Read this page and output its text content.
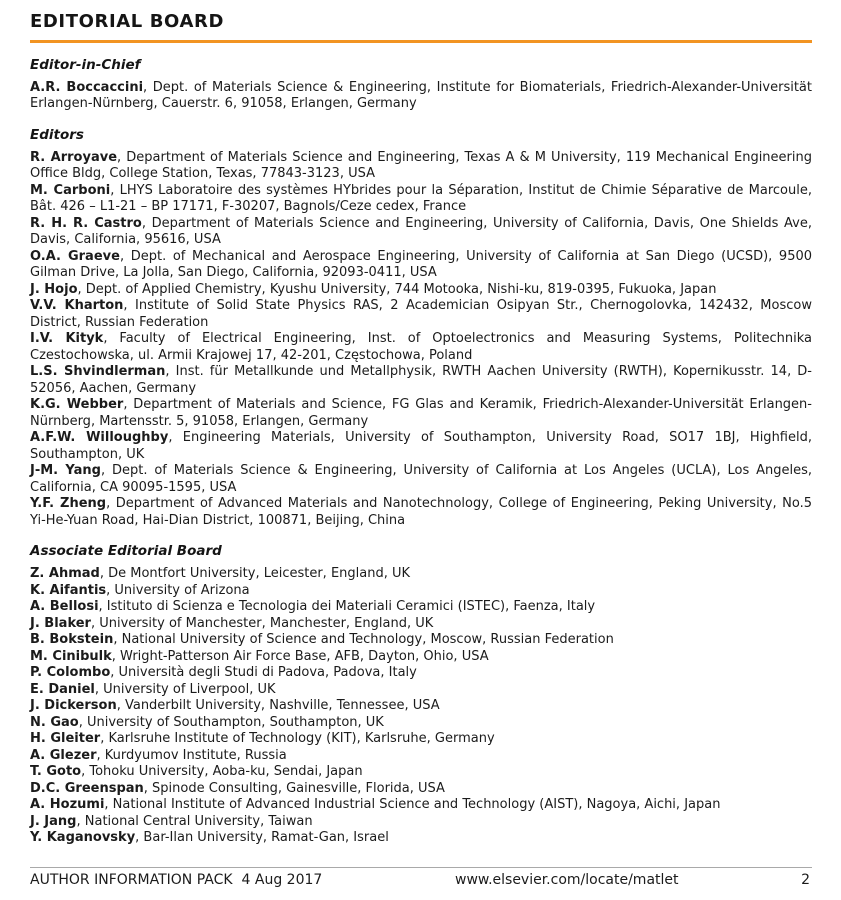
EDITORIAL BOARD
Editor-in-Chief

A.R. Boccaccini, Dept. of Materials Science & Engineering, Institute for Biomaterials, Friedrich-Alexander-Universität Erlangen-Nürnberg, Cauerstr. 6, 91058, Erlangen, Germany

Editors

R. Arroyave, Department of Materials Science and Engineering, Texas A & M University, 119 Mechanical Engineering Office Bldg, College Station, Texas, 77843-3123, USA

M. Carboni, LHYS Laboratoire des systèmes HYbrides pour la Séparation, Institut de Chimie Séparative de Marcoule, Bât. 426 – L1-21 – BP 17171, F-30207, Bagnols/Ceze cedex, France

R. H. R. Castro, Department of Materials Science and Engineering, University of California, Davis, One Shields Ave, Davis, California, 95616, USA

O.A. Graeve, Dept. of Mechanical and Aerospace Engineering, University of California at San Diego (UCSD), 9500 Gilman Drive, La Jolla, San Diego, California, 92093-0411, USA

J. Hojo, Dept. of Applied Chemistry, Kyushu University, 744 Motooka, Nishi-ku, 819-0395, Fukuoka, Japan

V.V. Kharton, Institute of Solid State Physics RAS, 2 Academician Osipyan Str., Chernogolovka, 142432, Moscow District, Russian Federation

I.V. Kityk, Faculty of Electrical Engineering, Inst. of Optoelectronics and Measuring Systems, Politechnika Czestochowska, ul. Armii Krajowej 17, 42-201, Częstochowa, Poland

L.S. Shvindlerman, Inst. für Metallkunde und Metallphysik, RWTH Aachen University (RWTH), Kopernikusstr. 14, D-52056, Aachen, Germany

K.G. Webber, Department of Materials and Science, FG Glas and Keramik, Friedrich-Alexander-Universität Erlangen-Nürnberg, Martensstr. 5, 91058, Erlangen, Germany

A.F.W. Willoughby, Engineering Materials, University of Southampton, University Road, SO17 1BJ, Highfield, Southampton, UK

J-M. Yang, Dept. of Materials Science & Engineering, University of California at Los Angeles (UCLA), Los Angeles, California, CA 90095-1595, USA

Y.F. Zheng, Department of Advanced Materials and Nanotechnology, College of Engineering, Peking University, No.5 Yi-He-Yuan Road, Hai-Dian District, 100871, Beijing, China

Associate Editorial Board

Z. Ahmad, De Montfort University, Leicester, England, UK

K. Aifantis, University of Arizona

A. Bellosi, Istituto di Scienza e Tecnologia dei Materiali Ceramici (ISTEC), Faenza, Italy

J. Blaker, University of Manchester, Manchester, England, UK

B. Bokstein, National University of Science and Technology, Moscow, Russian Federation

M. Cinibulk, Wright-Patterson Air Force Base, AFB, Dayton, Ohio, USA

P. Colombo, Università degli Studi di Padova, Padova, Italy

E. Daniel, University of Liverpool, UK

J. Dickerson, Vanderbilt University, Nashville, Tennessee, USA

N. Gao, University of Southampton, Southampton, UK

H. Gleiter, Karlsruhe Institute of Technology (KIT), Karlsruhe, Germany

A. Glezer, Kurdyumov Institute, Russia

T. Goto, Tohoku University, Aoba-ku, Sendai, Japan

D.C. Greenspan, Spinode Consulting, Gainesville, Florida, USA

A. Hozumi, National Institute of Advanced Industrial Science and Technology (AIST), Nagoya, Aichi, Japan

J. Jang, National Central University, Taiwan

Y. Kaganovsky, Bar-Ilan University, Ramat-Gan, Israel

AUTHOR INFORMATION PACK 4 Aug 2017	www.elsevier.com/locate/matlet	2
